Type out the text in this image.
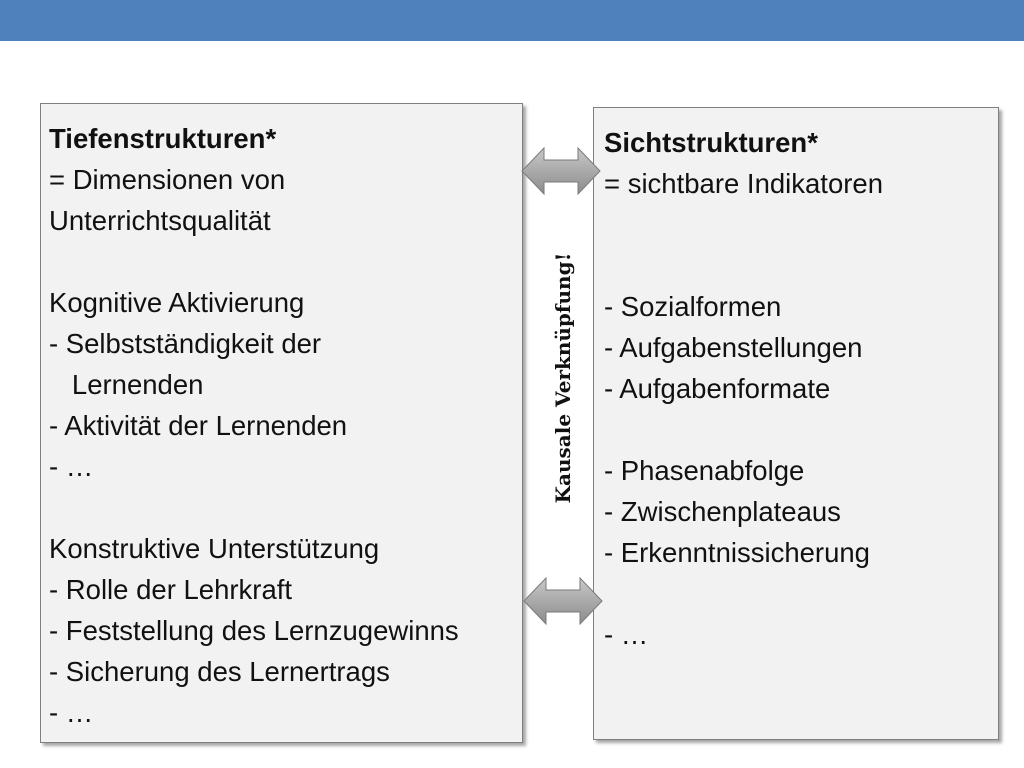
Tiefenstrukturen*
= Dimensionen von
Unterrichtsqualität
Kognitive Aktivierung
- Selbstständigkeit der
Lernenden
- Aktivität der Lernenden
- …
Konstruktive Unterstützung
- Rolle der Lehrkraft
- Feststellung des Lernzugewinns
- Sicherung des Lernertrags
- …
Sichtstrukturen*
= sichtbare Indikatoren
- Sozialformen
- Aufgabenstellungen
- Aufgabenformate
- Phasenabfolge
- Zwischenplateaus
- Erkenntnissicherung
- …
Kausale Verknüpfung!
